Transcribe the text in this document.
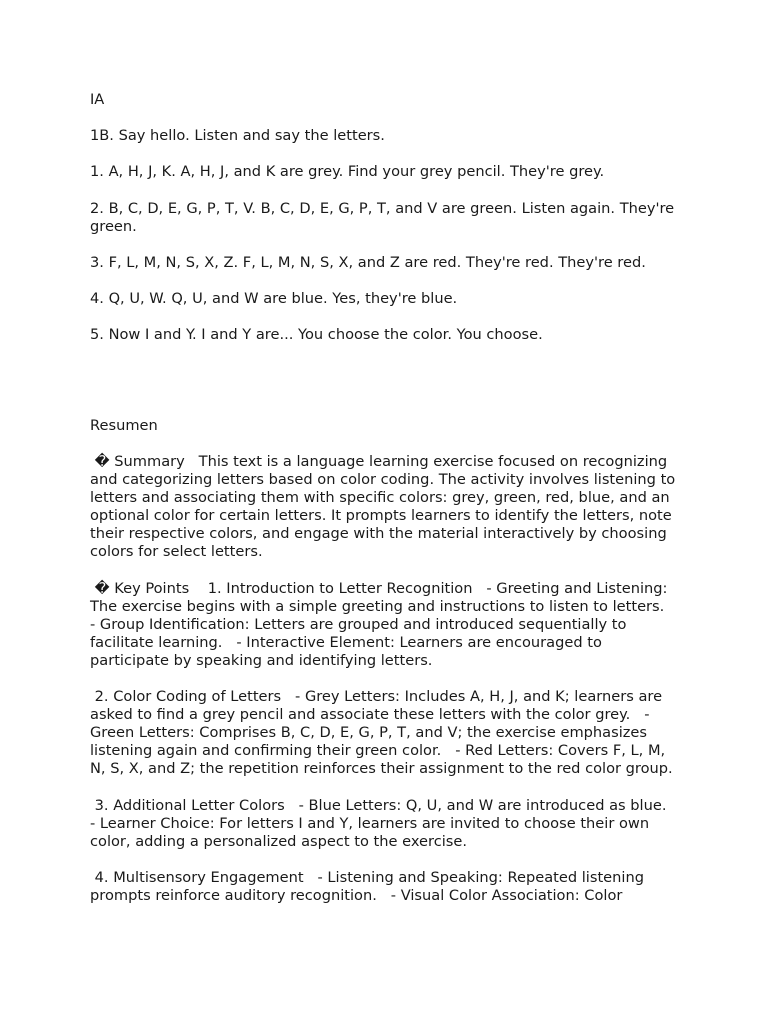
IA

1B. Say hello. Listen and say the letters.

1. A, H, J, K. A, H, J, and K are grey. Find your grey pencil. They're grey.

2. B, C, D, E, G, P, T, V. B, C, D, E, G, P, T, and V are green. Listen again. They're green.

3. F, L, M, N, S, X, Z. F, L, M, N, S, X, and Z are red. They're red. They're red.

4. Q, U, W. Q, U, and W are blue. Yes, they're blue.

5. Now I and Y. I and Y are... You choose the color. You choose.

Resumen

� Summary   This text is a language learning exercise focused on recognizing and categorizing letters based on color coding. The activity involves listening to letters and associating them with specific colors: grey, green, red, blue, and an optional color for certain letters. It prompts learners to identify the letters, note their respective colors, and engage with the material interactively by choosing colors for select letters.

� Key Points    1. Introduction to Letter Recognition   - Greeting and Listening: The exercise begins with a simple greeting and instructions to listen to letters.   - Group Identification: Letters are grouped and introduced sequentially to facilitate learning.   - Interactive Element: Learners are encouraged to participate by speaking and identifying letters.

2. Color Coding of Letters   - Grey Letters: Includes A, H, J, and K; learners are asked to find a grey pencil and associate these letters with the color grey.   - Green Letters: Comprises B, C, D, E, G, P, T, and V; the exercise emphasizes listening again and confirming their green color.   - Red Letters: Covers F, L, M, N, S, X, and Z; the repetition reinforces their assignment to the red color group.

3. Additional Letter Colors   - Blue Letters: Q, U, and W are introduced as blue.   - Learner Choice: For letters I and Y, learners are invited to choose their own color, adding a personalized aspect to the exercise.

4. Multisensory Engagement   - Listening and Speaking: Repeated listening prompts reinforce auditory recognition.   - Visual Color Association: Color
